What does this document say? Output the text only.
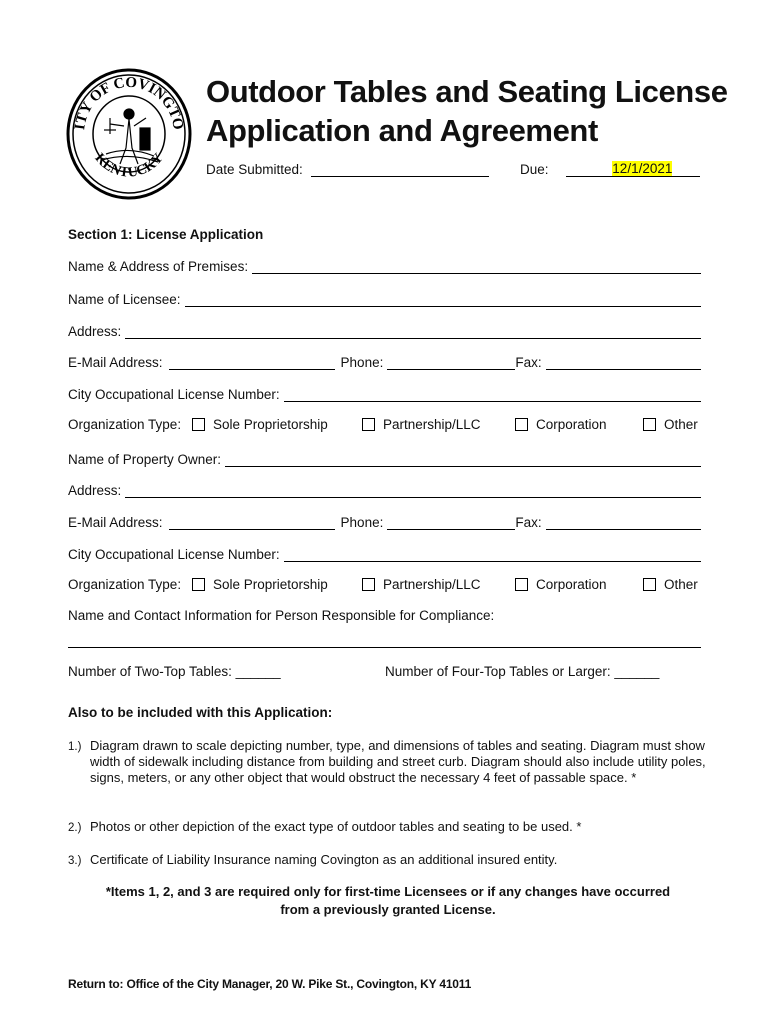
ITY OF COVINGTO
KENTUCKY
Outdoor Tables and Seating License
Application and Agreement
Date Submitted:	Due:	12/1/2021
Section 1: License Application
Name & Address of Premises:
Name of Licensee:
Address:
E-Mail Address:	Phone:	Fax:
City Occupational License Number:
Organization Type:	Sole Proprietorship	Partnership/LLC	Corporation	Other
Name of Property Owner:
Address:
E-Mail Address:	Phone:	Fax:
City Occupational License Number:
Organization Type:	Sole Proprietorship	Partnership/LLC	Corporation	Other
Name and Contact Information for Person Responsible for Compliance:
Number of Two-Top Tables: ______	Number of Four-Top Tables or Larger: ______
Also to be included with this Application:
1.) Diagram drawn to scale depicting number, type, and dimensions of tables and seating. Diagram must show width of sidewalk including distance from building and street curb. Diagram should also include utility poles, signs, meters, or any other object that would obstruct the necessary 4 feet of passable space. *
2.) Photos or other depiction of the exact type of outdoor tables and seating to be used. *
3.) Certificate of Liability Insurance naming Covington as an additional insured entity.
*Items 1, 2, and 3 are required only for first-time Licensees or if any changes have occurred
from a previously granted License.
Return to: Office of the City Manager, 20 W. Pike St., Covington, KY 41011
